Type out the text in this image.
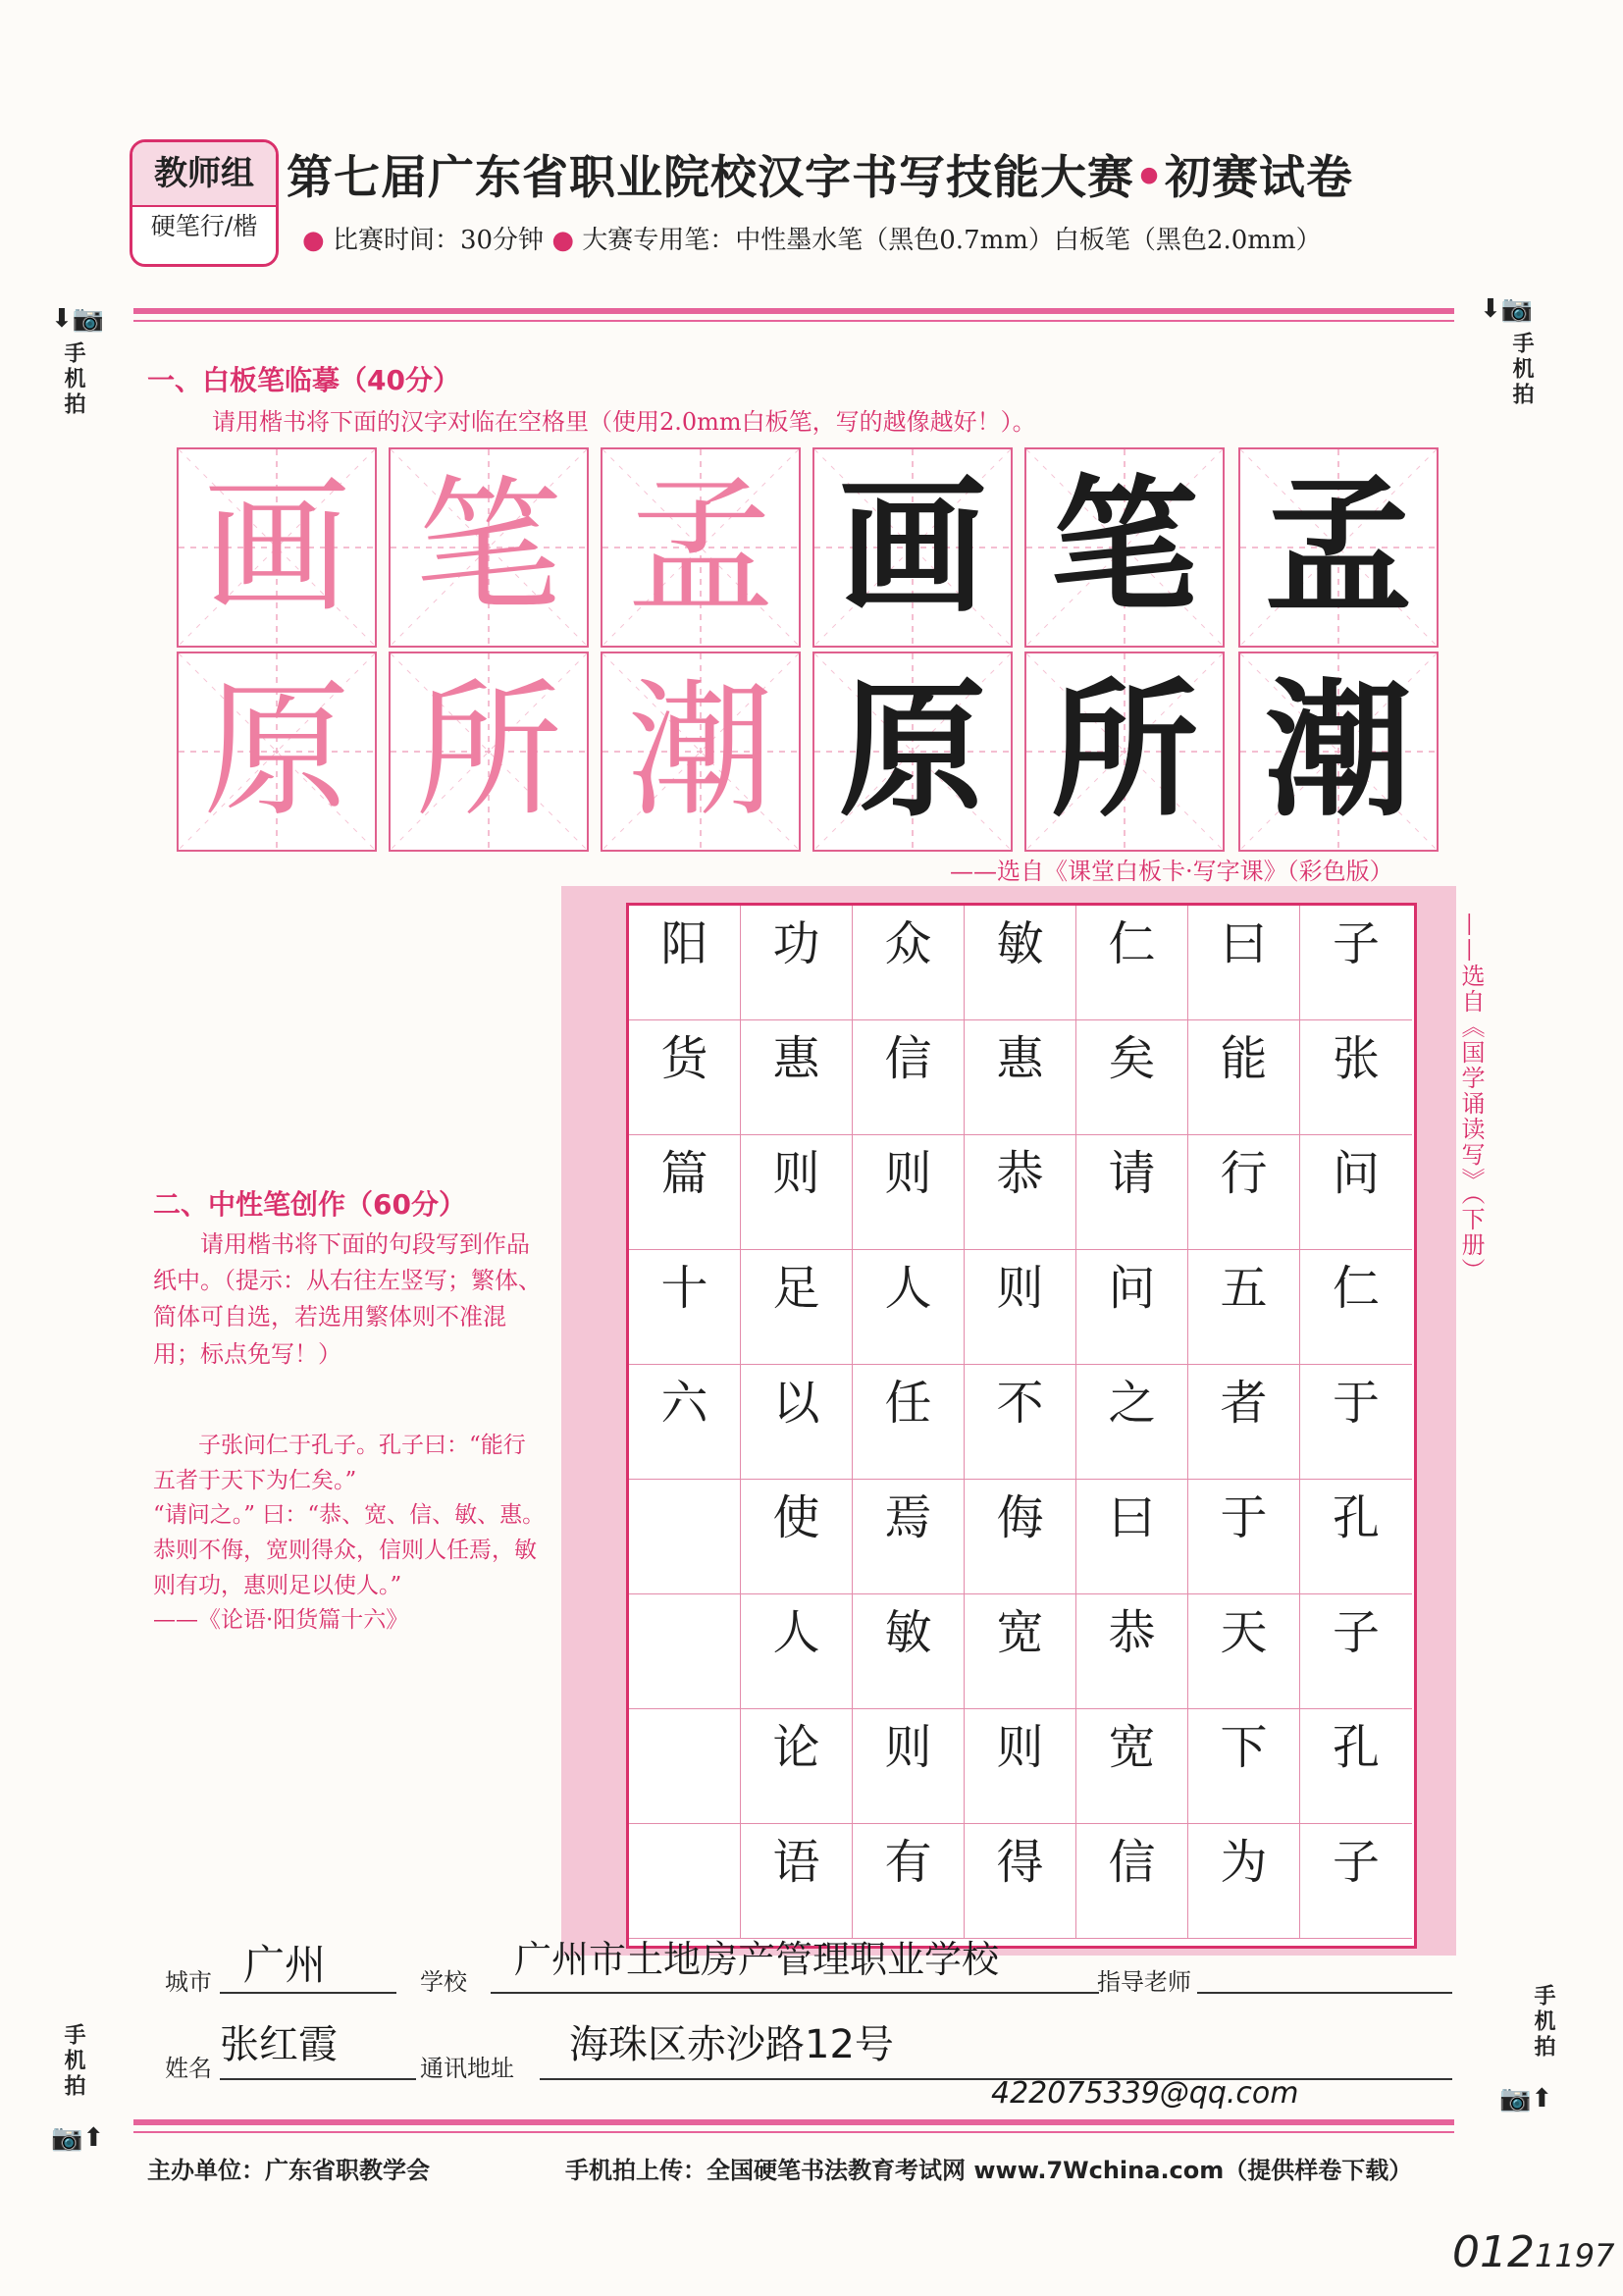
教师组
硬笔行/楷
第七届广东省职业院校汉字书写技能大赛•初赛试卷
● 比赛时间：30分钟 ● 大赛专用笔：中性墨水笔（黑色0.7mm）白板笔（黑色2.0mm）
⬇📷
手机拍
⬇📷
手机拍
手机拍
📷⬆
手机拍
📷⬆
一、白板笔临摹（40分）
请用楷书将下面的汉字对临在空格里（使用2.0mm白板笔，写的越像越好！）。
画 笔 孟 画 笔 孟
原 所 潮 原 所 潮
——选自《课堂白板卡·写字课》（彩色版）
子
张
问
仁
于
孔
子
孔
子
曰
能
行
五
者
于
天
下
为
仁
矣
请
问
之
曰
恭
宽
信
敏
惠
恭
则
不
侮
宽
则
得
众
信
则
人
任
焉
敏
则
有
功
惠
则
足
以
使
人
论
语
阳
货
篇
十
六
——选自《国学诵读写》（下册）
二、中性笔创作（60分）
请用楷书将下面的句段写到作品纸中。（提示：从右往左竖写；繁体、简体可自选，若选用繁体则不准混用；标点免写！）

子张问仁于孔子。孔子曰：“能行五者于天下为仁矣。”

“请问之。” 曰：“恭、宽、信、敏、惠。恭则不侮，宽则得众，信则人任焉，敏则有功，惠则足以使人。”

——《论语·阳货篇十六》

城市 广州	学校
广州市土地房产管理职业学校
指导老师
姓名
张红霞
通讯地址
海珠区赤沙路12号
422075339@qq.com
主办单位：广东省职教学会	手机拍上传：全国硬笔书法教育考试网 www.7Wchina.com（提供样卷下载）
0121197
